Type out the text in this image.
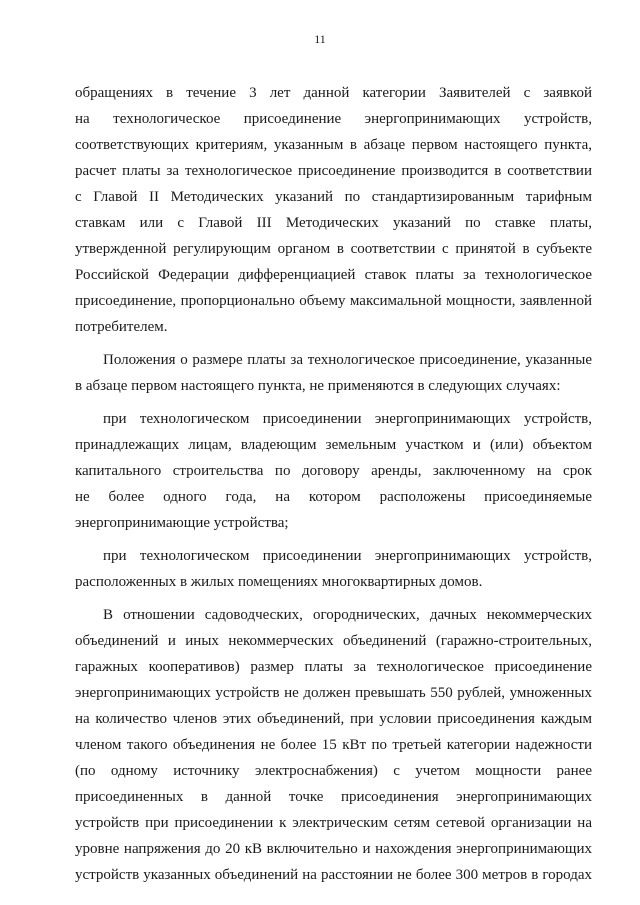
11

обращениях в течение 3 лет данной категории Заявителей с заявкой

на технологическое присоединение энергопринимающих устройств,

соответствующих критериям, указанным в абзаце первом настоящего пункта,

расчет платы за технологическое присоединение производится в соответствии

с Главой II Методических указаний по стандартизированным тарифным

ставкам или с Главой III Методических указаний по ставке платы,

утвержденной регулирующим органом в соответствии с принятой в субъекте

Российской Федерации дифференциацией ставок платы за технологическое

присоединение, пропорционально объему максимальной мощности, заявленной

потребителем.

Положения о размере платы за технологическое присоединение, указанные

в абзаце первом настоящего пункта, не применяются в следующих случаях:

при технологическом присоединении энергопринимающих устройств,

принадлежащих лицам, владеющим земельным участком и (или) объектом

капитального строительства по договору аренды, заключенному на срок

не более одного года, на котором расположены присоединяемые

энергопринимающие устройства;

при технологическом присоединении энергопринимающих устройств,

расположенных в жилых помещениях многоквартирных домов.

В отношении садоводческих, огороднических, дачных некоммерческих

объединений и иных некоммерческих объединений (гаражно-строительных,

гаражных кооперативов) размер платы за технологическое присоединение

энергопринимающих устройств не должен превышать 550 рублей, умноженных

на количество членов этих объединений, при условии присоединения каждым

членом такого объединения не более 15 кВт по третьей категории надежности

(по одному источнику электроснабжения) с учетом мощности ранее

присоединенных в данной точке присоединения энергопринимающих

устройств при присоединении к электрическим сетям сетевой организации на

уровне напряжения до 20 кВ включительно и нахождения энергопринимающих

устройств указанных объединений на расстоянии не более 300 метров в городах
